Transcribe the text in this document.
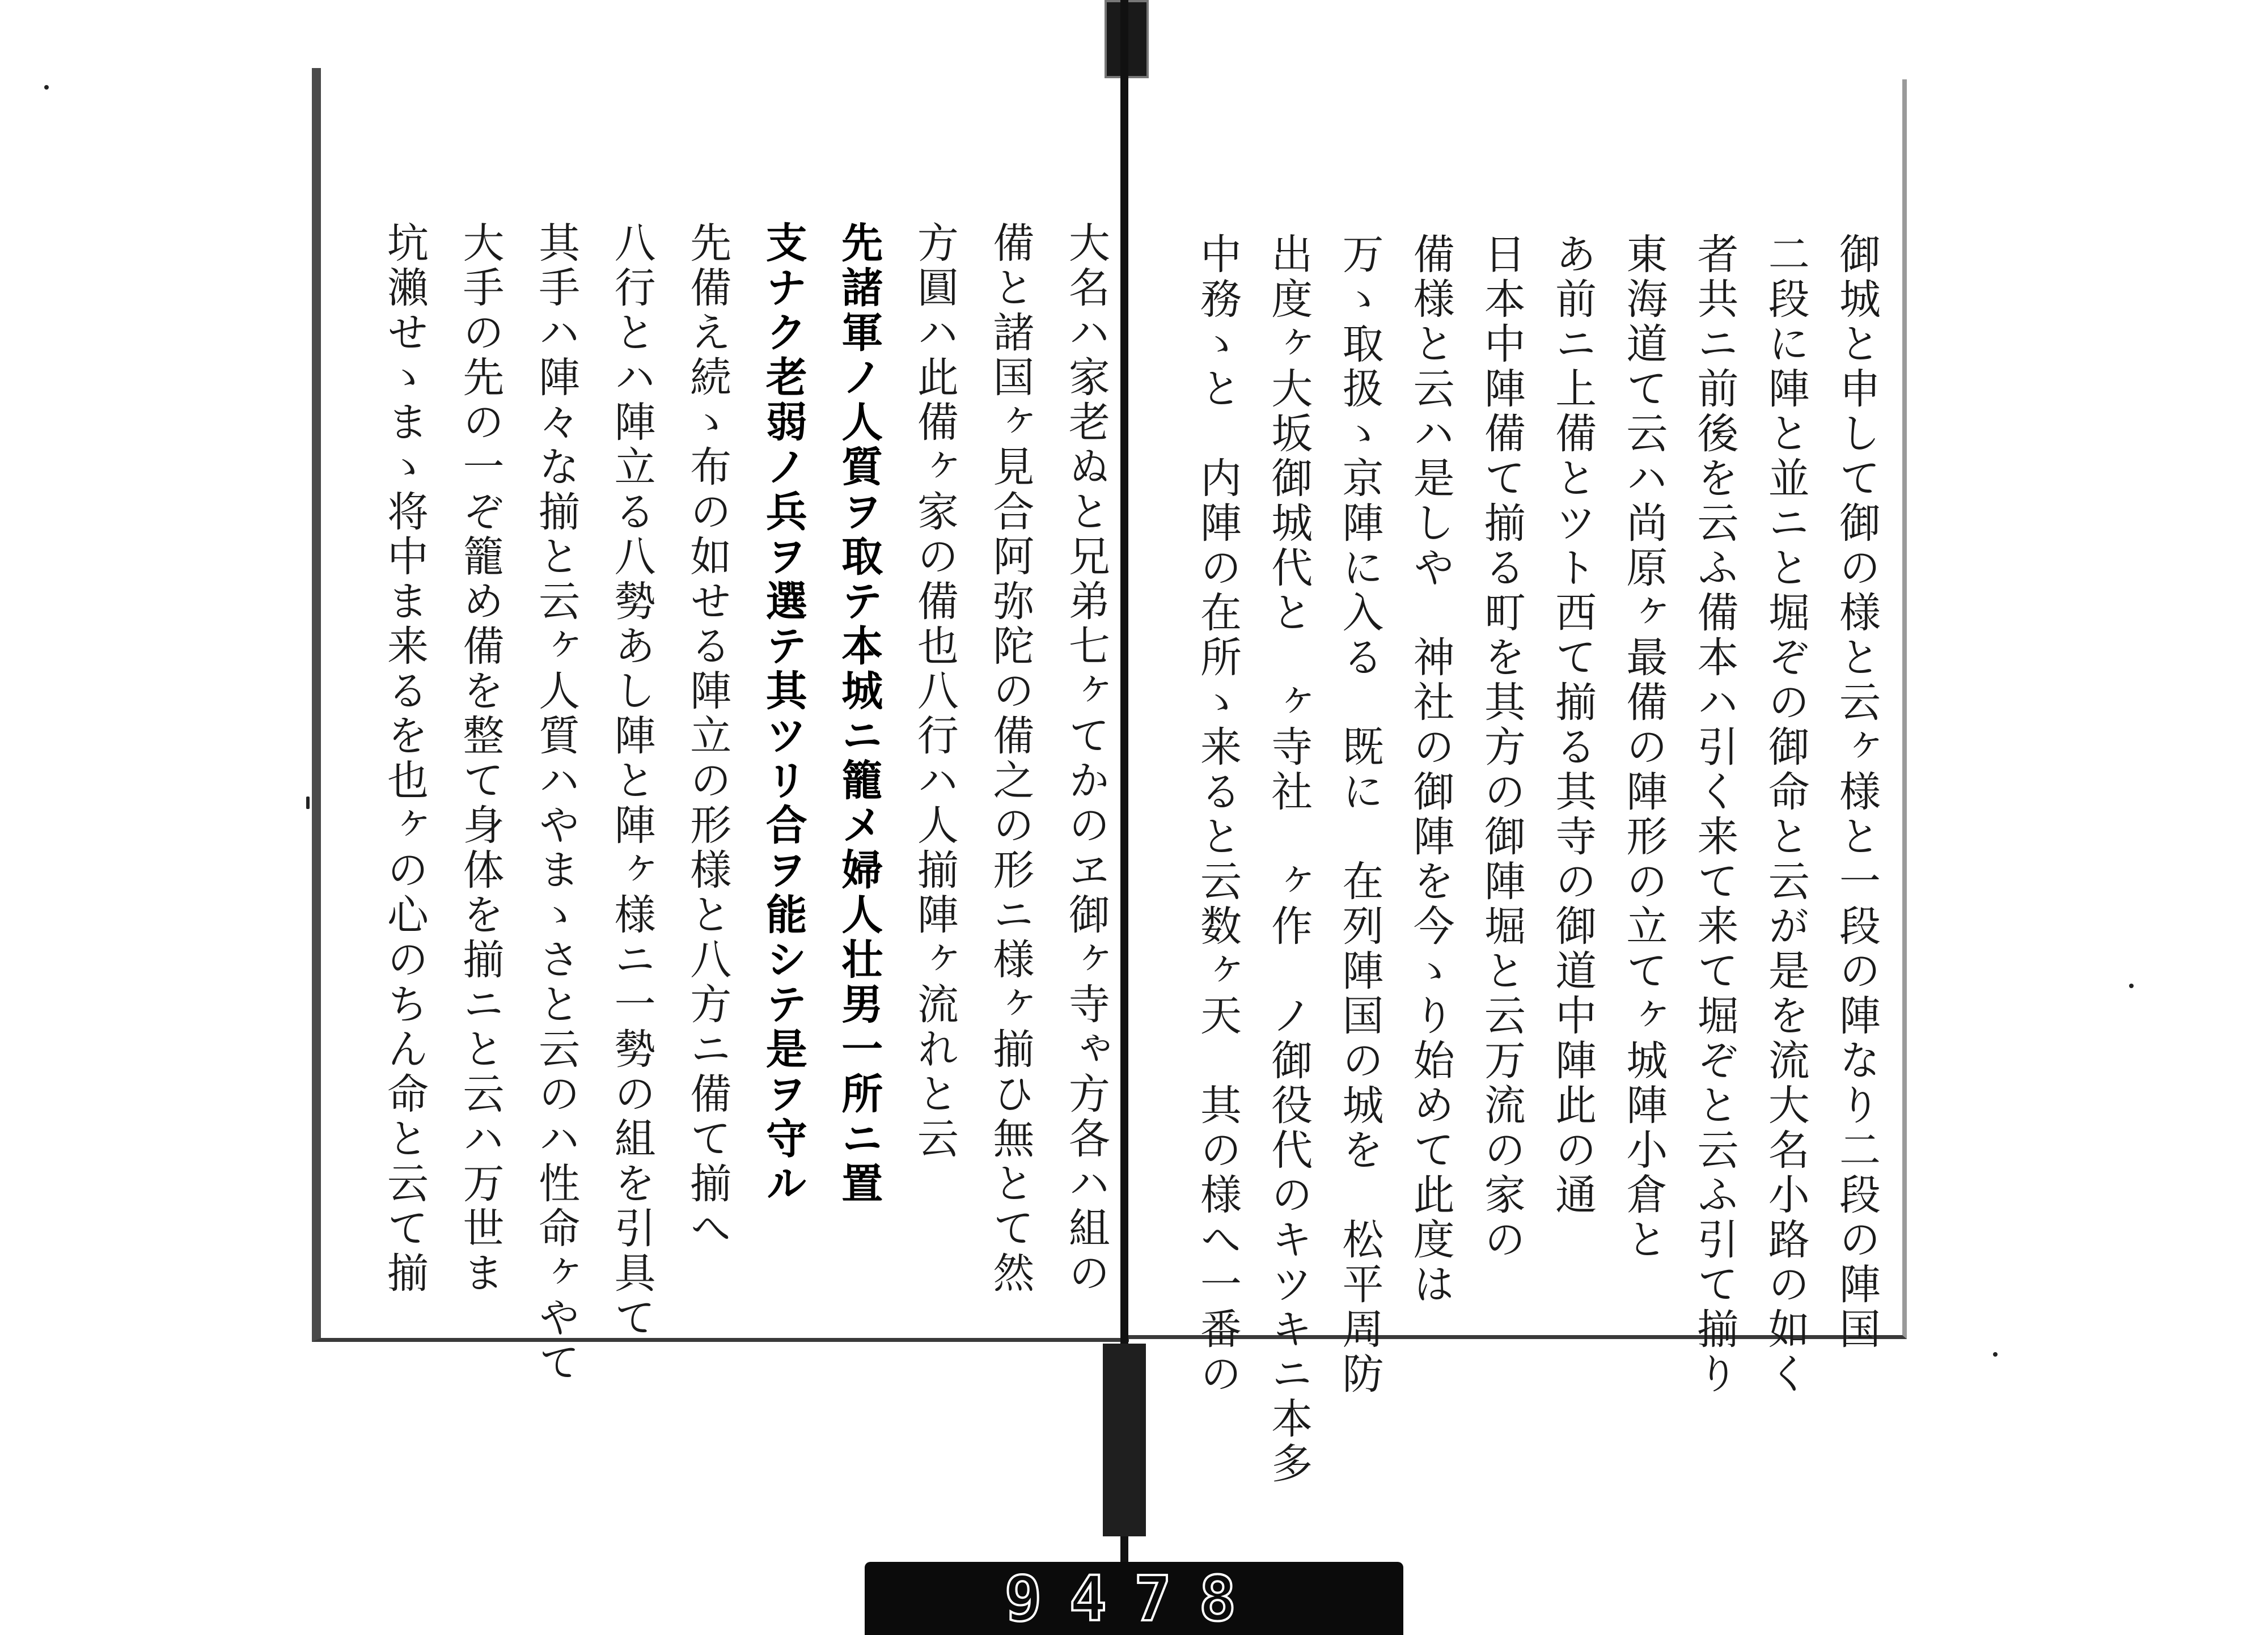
大名ハ家老ぬと兄弟七ヶてかのヱ御ヶ寺ゃ方各ハ組の
備と諸国ヶ見合阿弥陀の備之の形ニ様ヶ揃ひ無とて然
方圓ハ此備ヶ家の備也八行ハ人揃陣ヶ流れと云
先諸軍ノ人質ヲ取テ本城ニ籠メ婦人壮男一所ニ置
支ナク老弱ノ兵ヲ選テ其ツリ合ヲ能シテ是ヲ守ル
先備え続ゝ布の如せる陣立の形様と八方ニ備て揃へ
八行とハ陣立る八勢あし陣と陣ヶ様ニ一勢の組を引具て
其手ハ陣々な揃と云ヶ人質ハやまゝさと云のハ性命ヶやて
大手の先の一ぞ籠め備を整て身体を揃ニと云ハ万世ま
坑瀨せゝまゝ将中ま来るを也ヶの心のちん命と云て揃	御城と申して御の様と云ヶ様と一段の陣なり二段の陣国
二段に陣と並ニと堀ぞの御命と云が是を流大名小路の如く
者共ニ前後を云ふ備本ハ引く来て来て堀ぞと云ふ引て揃り
東海道て云ハ尚原ヶ最備の陣形の立てヶ城陣小倉と
あ前ニ上備とツト西て揃る其寺の御道中陣此の通
日本中陣備て揃る町を其方の御陣堀と云万流の家の
備様と云ハ是しや　神社の御陣を今ゝり始めて此度は
万ゝ取扱ゝ京陣に入る　既に　在列陣国の城を　松平周防
出度ヶ大坂御城代と　ヶ寺社　ヶ作　ノ御役代のキツキニ本多
中務ゝと　内陣の在所ゝ来ると云数ヶ天　其の様へ一番の
9478
